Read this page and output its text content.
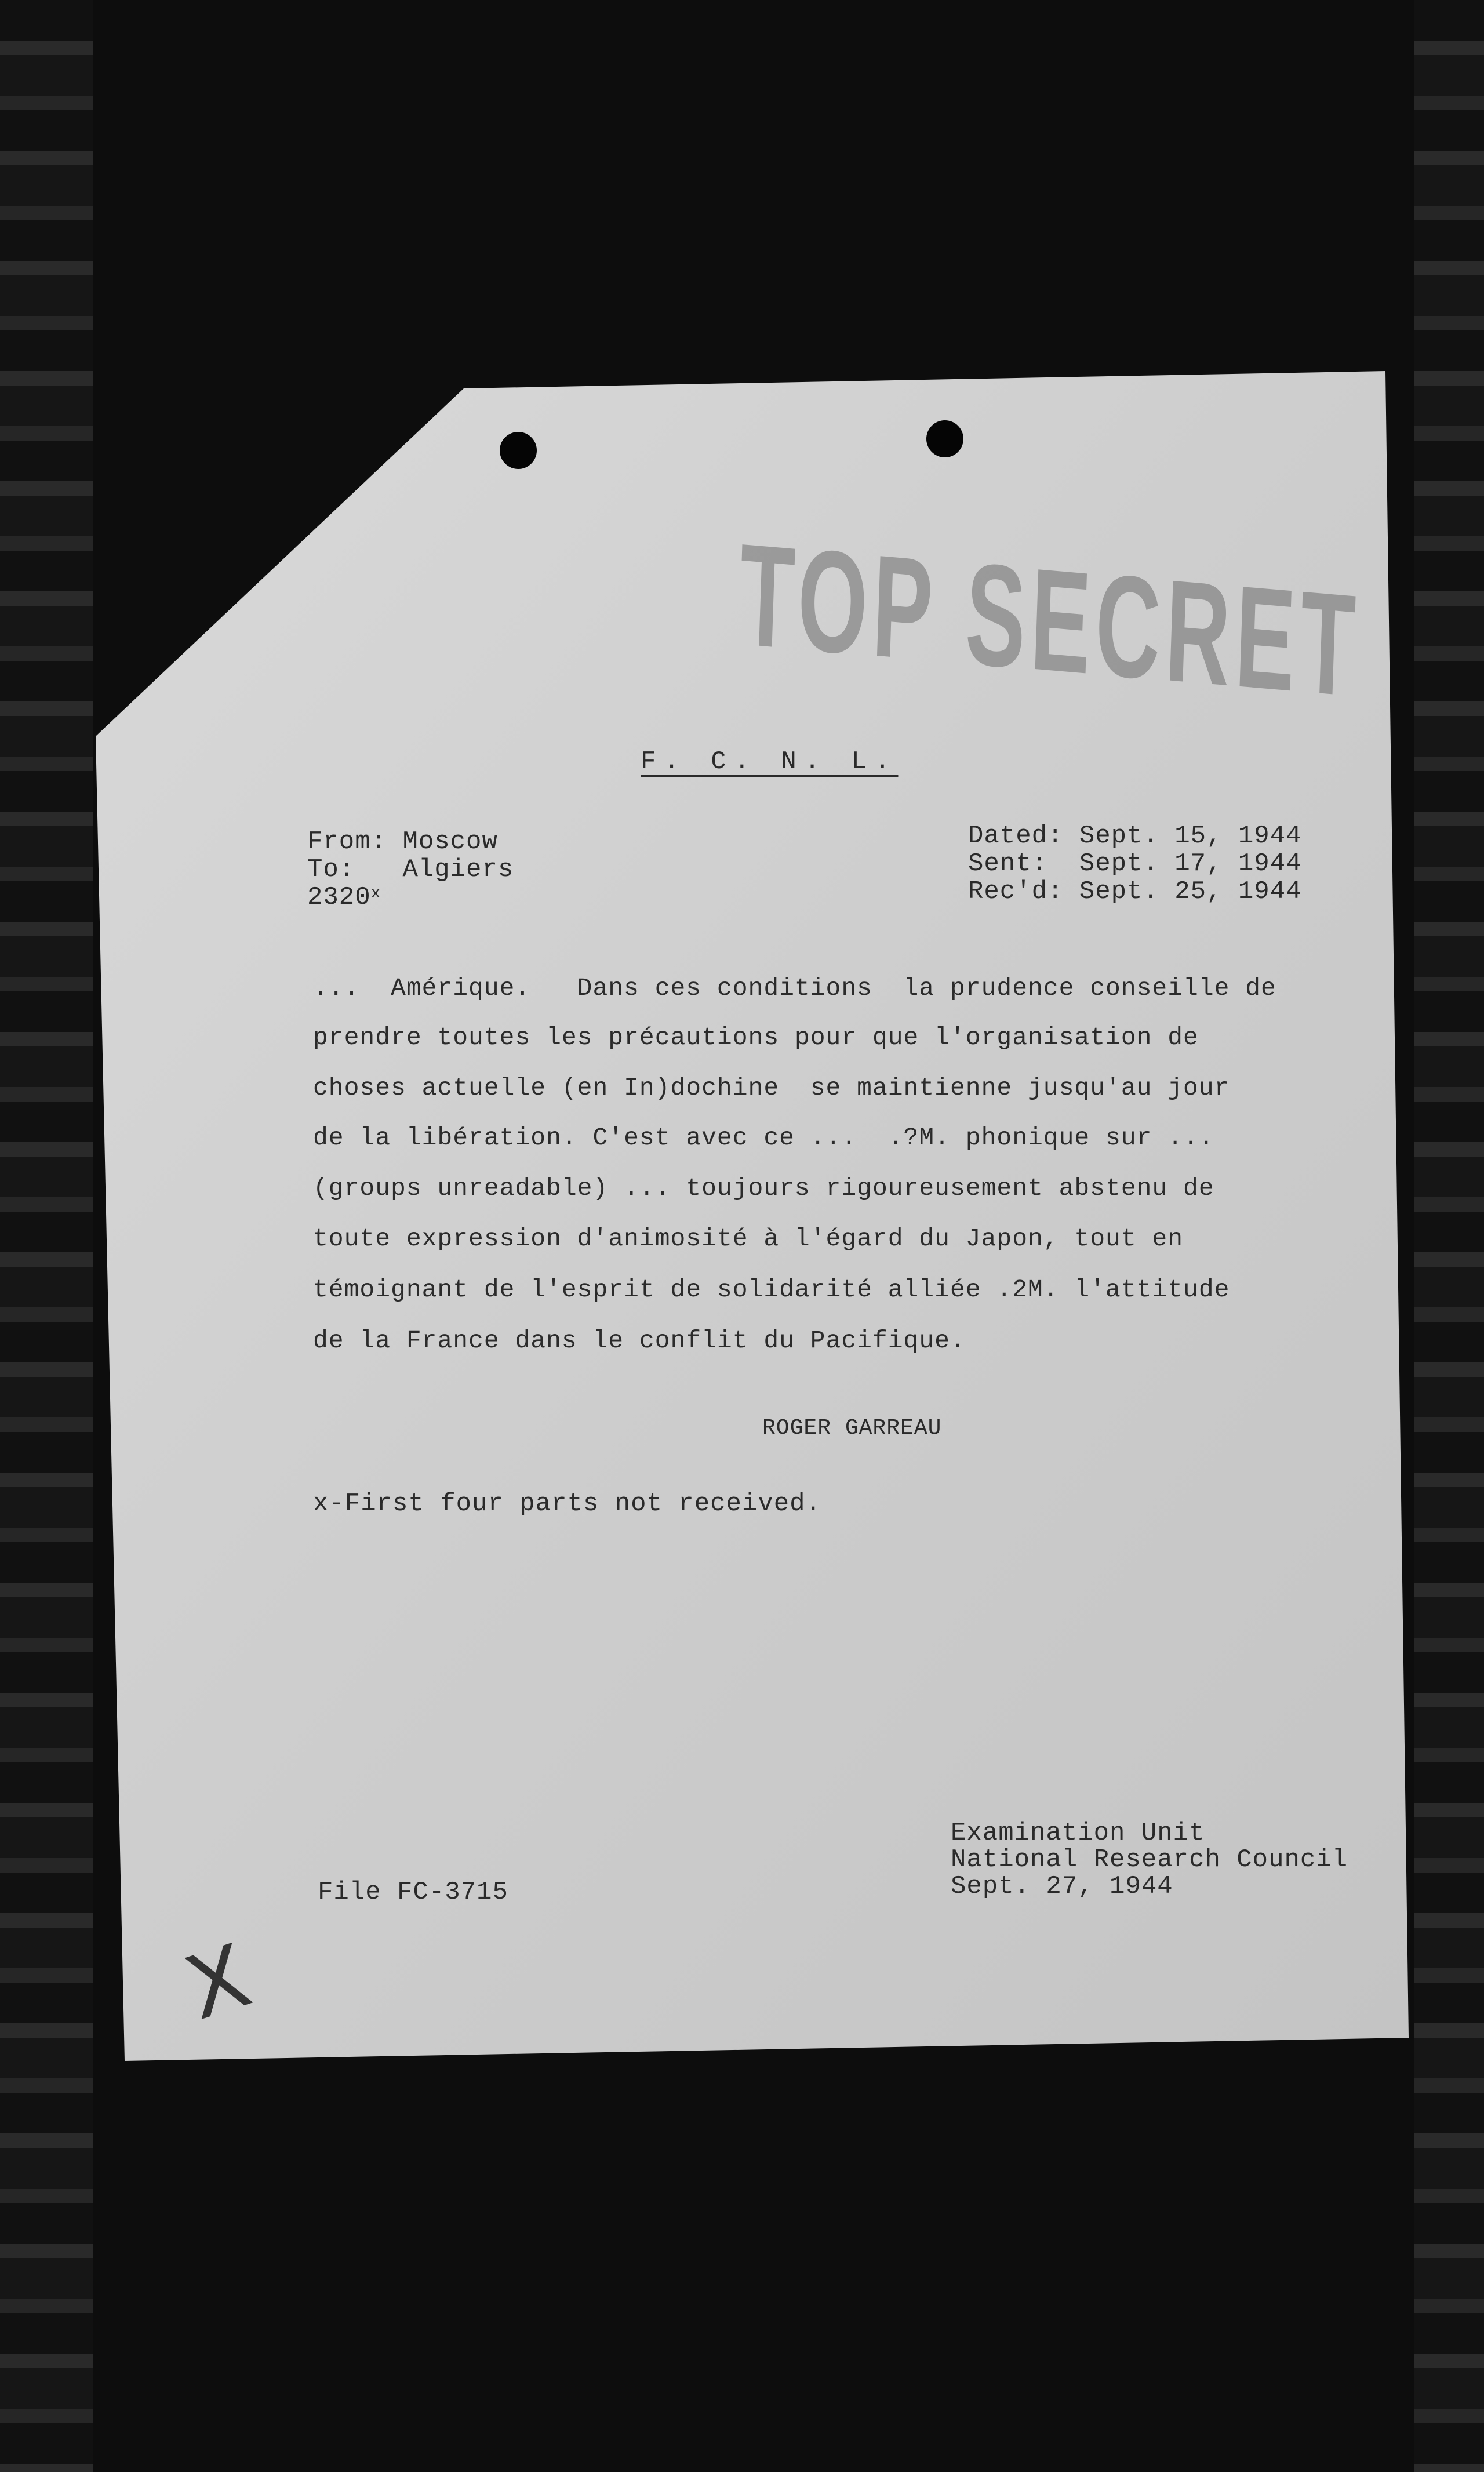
TOP SECRET
F. C. N. L.
From: Moscow
To: Algiers
2320$^x$
Dated: Sept. 15, 1944
Sent: Sept. 17, 1944
Rec'd: Sept. 25, 1944
...  Amérique.   Dans ces conditions  la prudence conseille de
prendre toutes les précautions pour que l'organisation de
choses actuelle (en In)dochine  se maintienne jusqu'au jour
de la libération. C'est avec ce ...  .?M. phonique sur ...
(groups unreadable) ... toujours rigoureusement abstenu de
toute expression d'animosité à l'égard du Japon, tout en
témoignant de l'esprit de solidarité alliée .2M. l'attitude
de la France dans le conflit du Pacifique.
ROGER GARREAU
x-First four parts not received.
Examination Unit
National Research Council
Sept. 27, 1944
File FC-3715
X
